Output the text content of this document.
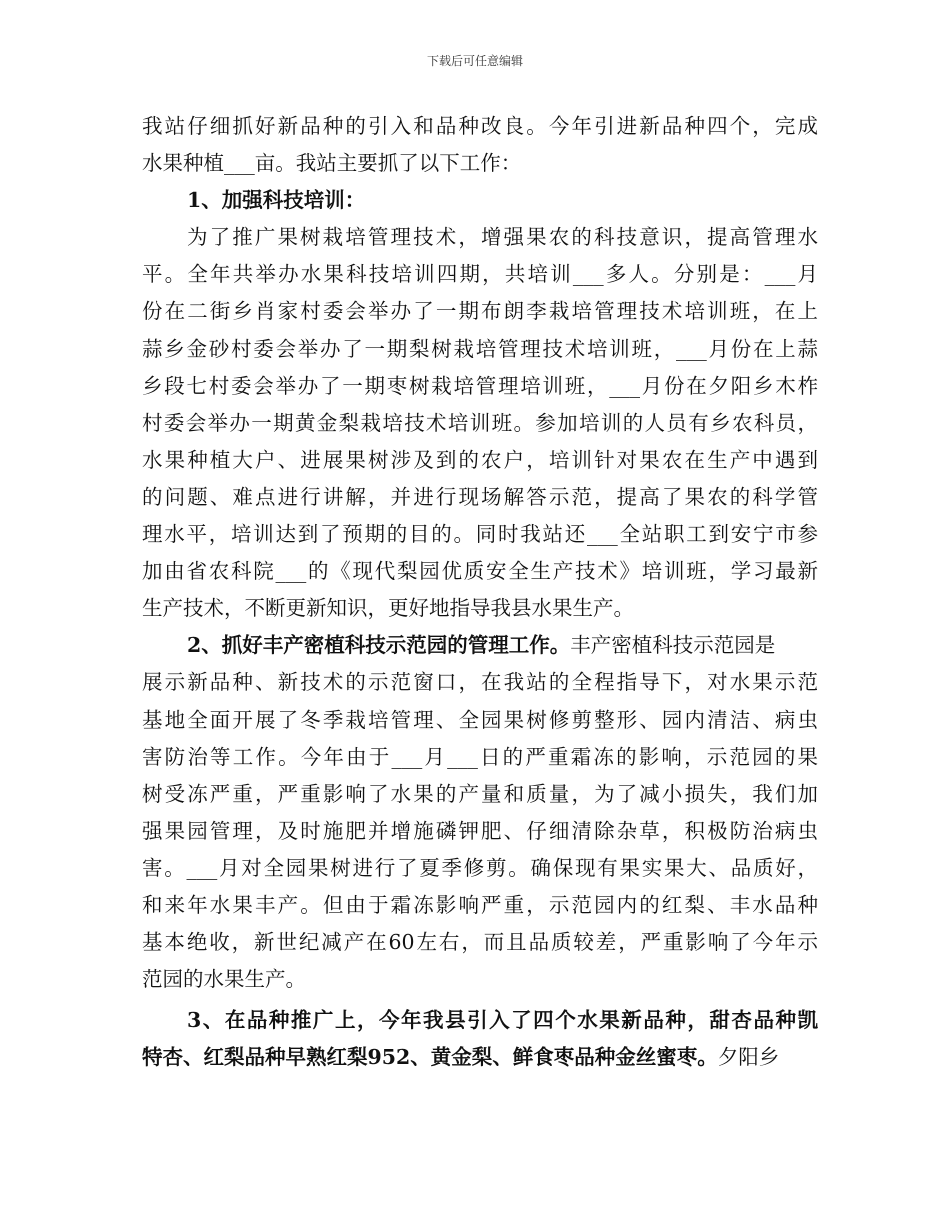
下载后可任意编辑
我站仔细抓好新品种的引入和品种改良。今年引进新品种四个，完成
水果种植___亩。我站主要抓了以下工作：
1、加强科技培训：
为了推广果树栽培管理技术，增强果农的科技意识，提高管理水
平。全年共举办水果科技培训四期，共培训___多人。分别是：___月
份在二街乡肖家村委会举办了一期布朗李栽培管理技术培训班，在上
蒜乡金砂村委会举办了一期梨树栽培管理技术培训班，___月份在上蒜
乡段七村委会举办了一期枣树栽培管理培训班，___月份在夕阳乡木柞
村委会举办一期黄金梨栽培技术培训班。参加培训的人员有乡农科员，
水果种植大户、进展果树涉及到的农户，培训针对果农在生产中遇到
的问题、难点进行讲解，并进行现场解答示范，提高了果农的科学管
理水平，培训达到了预期的目的。同时我站还___全站职工到安宁市参
加由省农科院___的《现代梨园优质安全生产技术》培训班，学习最新
生产技术，不断更新知识，更好地指导我县水果生产。
2、抓好丰产密植科技示范园的管理工作。丰产密植科技示范园是
展示新品种、新技术的示范窗口，在我站的全程指导下，对水果示范
基地全面开展了冬季栽培管理、全园果树修剪整形、园内清洁、病虫
害防治等工作。今年由于___月___日的严重霜冻的影响，示范园的果
树受冻严重，严重影响了水果的产量和质量，为了减小损失，我们加
强果园管理，及时施肥并增施磷钾肥、仔细清除杂草，积极防治病虫
害。___月对全园果树进行了夏季修剪。确保现有果实果大、品质好，
和来年水果丰产。但由于霜冻影响严重，示范园内的红梨、丰水品种
基本绝收，新世纪减产在60左右，而且品质较差，严重影响了今年示
范园的水果生产。
3、在品种推广上，今年我县引入了四个水果新品种，甜杏品种凯
特杏、红梨品种早熟红梨952、黄金梨、鲜食枣品种金丝蜜枣。夕阳乡
